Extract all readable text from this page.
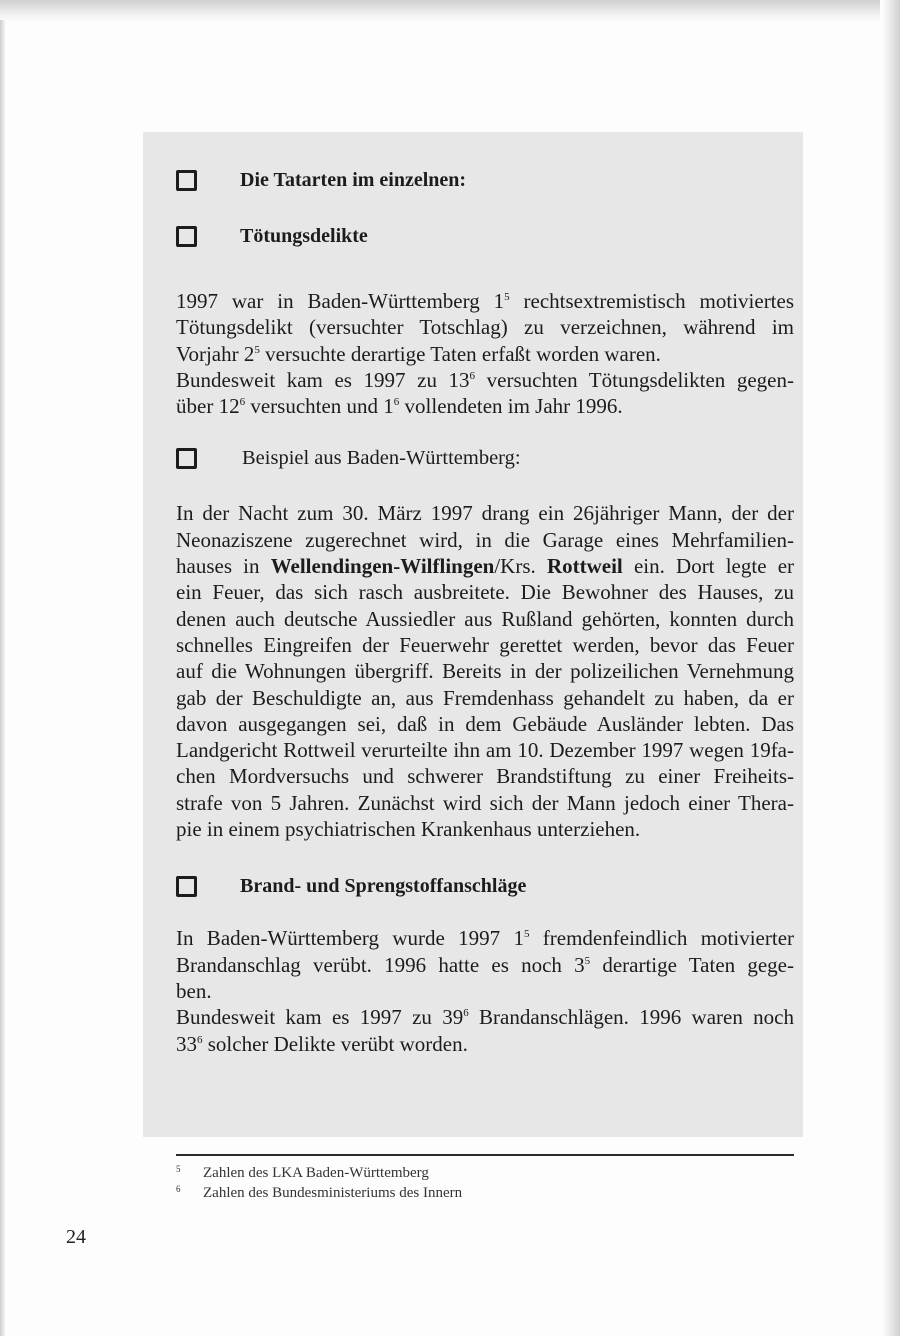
Die Tatarten im einzelnen:
Tötungsdelikte

1997 war in Baden-Württemberg $1^5$ rechtsextremistisch motiviertes
Tötungsdelikt (versuchter Totschlag) zu verzeichnen, während im
Vorjahr $2^5$ versuchte derartige Taten erfaßt worden waren.
Bundesweit kam es 1997 zu $13^6$ versuchten Tötungsdelikten gegen-
über $12^6$ versuchten und $1^6$ vollendeten im Jahr 1996.

Beispiel aus Baden-Württemberg:

In der Nacht zum 30. März 1997 drang ein 26jähriger Mann, der der
Neonaziszene zugerechnet wird, in die Garage eines Mehrfamilien-
hauses in Wellendingen-Wilflingen/Krs. Rottweil ein. Dort legte er
ein Feuer, das sich rasch ausbreitete. Die Bewohner des Hauses, zu
denen auch deutsche Aussiedler aus Rußland gehörten, konnten durch
schnelles Eingreifen der Feuerwehr gerettet werden, bevor das Feuer
auf die Wohnungen übergriff. Bereits in der polizeilichen Vernehmung
gab der Beschuldigte an, aus Fremdenhass gehandelt zu haben, da er
davon ausgegangen sei, daß in dem Gebäude Ausländer lebten. Das
Landgericht Rottweil verurteilte ihn am 10. Dezember 1997 wegen 19fa-
chen Mordversuchs und schwerer Brandstiftung zu einer Freiheits-
strafe von 5 Jahren. Zunächst wird sich der Mann jedoch einer Thera-
pie in einem psychiatrischen Krankenhaus unterziehen.

Brand- und Sprengstoffanschläge

In Baden-Württemberg wurde 1997 $1^5$ fremdenfeindlich motivierter
Brandanschlag verübt. 1996 hatte es noch $3^5$ derartige Taten gege-
ben.
Bundesweit kam es 1997 zu $39^6$ Brandanschlägen. 1996 waren noch
$33^6$ solcher Delikte verübt worden.

5	Zahlen des LKA Baden-Württemberg
6	Zahlen des Bundesministeriums des Innern
24
